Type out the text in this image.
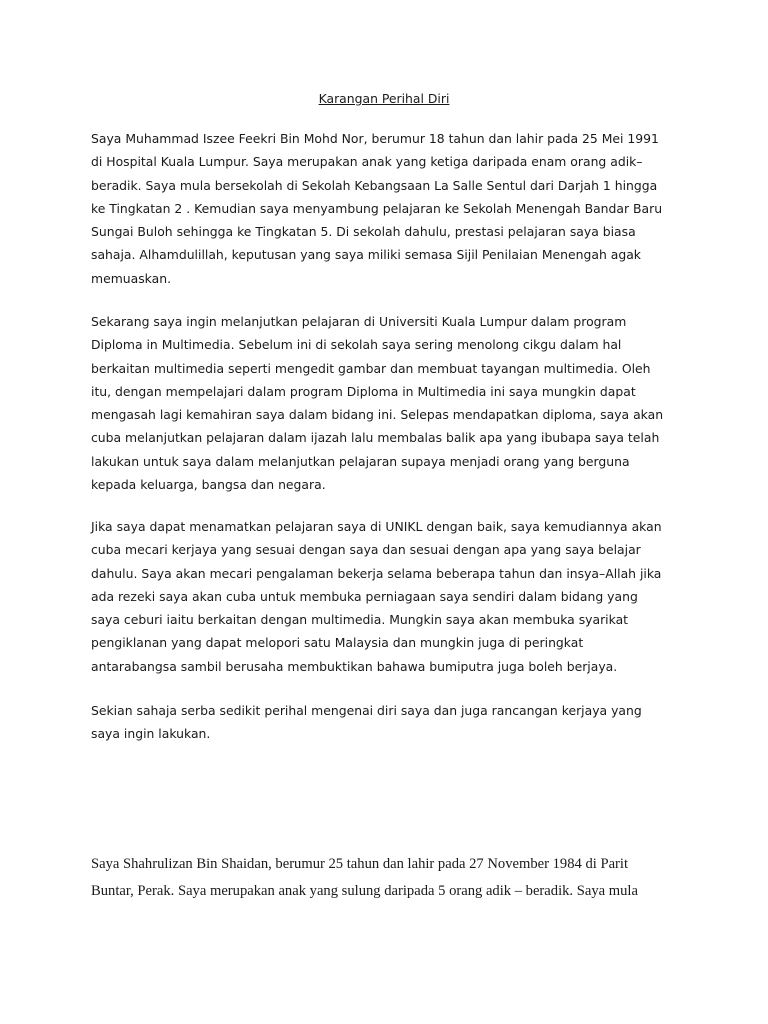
Karangan Perihal Diri

Saya Muhammad Iszee Feekri Bin Mohd Nor, berumur 18 tahun dan lahir pada 25 Mei 1991
di Hospital Kuala Lumpur. Saya merupakan anak yang ketiga daripada enam orang adik–
beradik. Saya mula bersekolah di Sekolah Kebangsaan La Salle Sentul dari Darjah 1 hingga
ke Tingkatan 2 . Kemudian saya menyambung pelajaran ke Sekolah Menengah Bandar Baru
Sungai Buloh sehingga ke Tingkatan 5. Di sekolah dahulu, prestasi pelajaran saya biasa
sahaja. Alhamdulillah, keputusan yang saya miliki semasa Sijil Penilaian Menengah agak
memuaskan.

Sekarang saya ingin melanjutkan pelajaran di Universiti Kuala Lumpur dalam program
Diploma in Multimedia. Sebelum ini di sekolah saya sering menolong cikgu dalam hal
berkaitan multimedia seperti mengedit gambar dan membuat tayangan multimedia. Oleh
itu, dengan mempelajari dalam program Diploma in Multimedia ini saya mungkin dapat
mengasah lagi kemahiran saya dalam bidang ini. Selepas mendapatkan diploma, saya akan
cuba melanjutkan pelajaran dalam ijazah lalu membalas balik apa yang ibubapa saya telah
lakukan untuk saya dalam melanjutkan pelajaran supaya menjadi orang yang berguna
kepada keluarga, bangsa dan negara.

Jika saya dapat menamatkan pelajaran saya di UNIKL dengan baik, saya kemudiannya akan
cuba mecari kerjaya yang sesuai dengan saya dan sesuai dengan apa yang saya belajar
dahulu. Saya akan mecari pengalaman bekerja selama beberapa tahun dan insya–Allah jika
ada rezeki saya akan cuba untuk membuka perniagaan saya sendiri dalam bidang yang
saya ceburi iaitu berkaitan dengan multimedia. Mungkin saya akan membuka syarikat
pengiklanan yang dapat melopori satu Malaysia dan mungkin juga di peringkat
antarabangsa sambil berusaha membuktikan bahawa bumiputra juga boleh berjaya.

Sekian sahaja serba sedikit perihal mengenai diri saya dan juga rancangan kerjaya yang
saya ingin lakukan.

Saya Shahrulizan Bin Shaidan, berumur 25 tahun dan lahir pada 27 November 1984 di Parit
Buntar, Perak. Saya merupakan anak yang sulung daripada 5 orang adik – beradik. Saya mula
